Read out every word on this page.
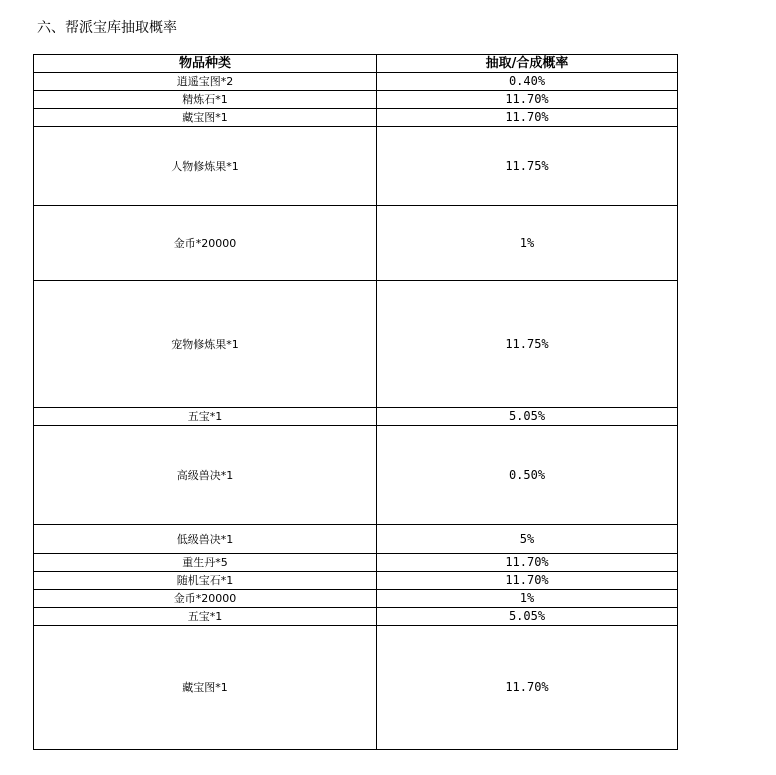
六、帮派宝库抽取概率
物品种类	抽取/合成概率
逍遥宝图*2	0.40%
精炼石*1	11.70%
藏宝图*1	11.70%
人物修炼果*1	11.75%
金币*20000	1%
宠物修炼果*1	11.75%
五宝*1	5.05%
高级兽决*1	0.50%
低级兽决*1	5%
重生丹*5	11.70%
随机宝石*1	11.70%
金币*20000	1%
五宝*1	5.05%
藏宝图*1	11.70%
